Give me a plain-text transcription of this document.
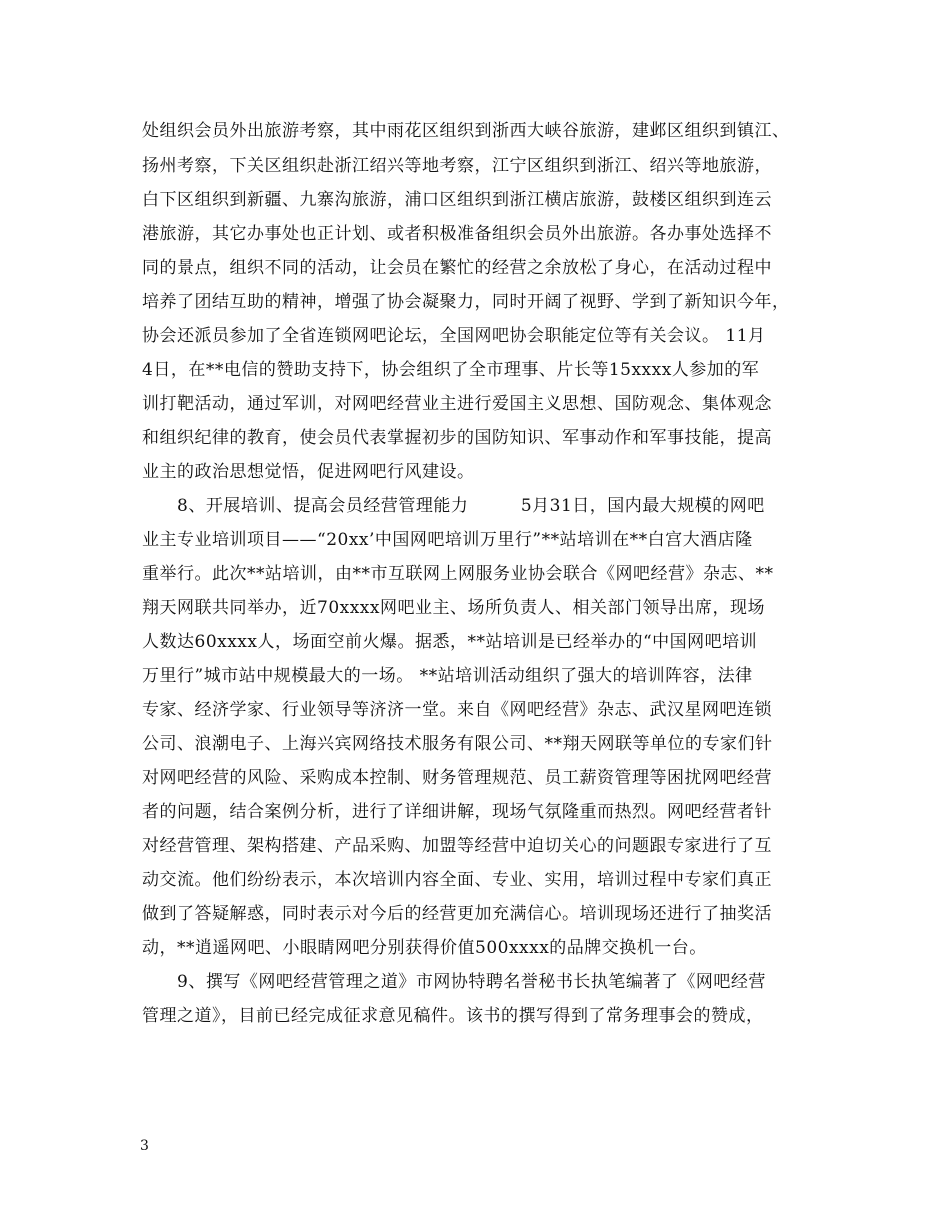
处组织会员外出旅游考察，其中雨花区组织到浙西大峡谷旅游，建邺区组织到镇江、
扬州考察，下关区组织赴浙江绍兴等地考察，江宁区组织到浙江、绍兴等地旅游，
白下区组织到新疆、九寨沟旅游，浦口区组织到浙江横店旅游，鼓楼区组织到连云
港旅游，其它办事处也正计划、或者积极准备组织会员外出旅游。各办事处选择不
同的景点，组织不同的活动，让会员在繁忙的经营之余放松了身心，在活动过程中
培养了团结互助的精神，增强了协会凝聚力，同时开阔了视野、学到了新知识今年，
协会还派员参加了全省连锁网吧论坛，全国网吧协会职能定位等有关会议。 11月
4日，在**电信的赞助支持下，协会组织了全市理事、片长等15xxxx人参加的军
训打靶活动，通过军训，对网吧经营业主进行爱国主义思想、国防观念、集体观念
和组织纪律的教育，使会员代表掌握初步的国防知识、军事动作和军事技能，提高
业主的政治思想觉悟，促进网吧行风建设。
　　8、开展培训、提高会员经营管理能力　　　5月31日，国内最大规模的网吧
业主专业培训项目——“20xx’中国网吧培训万里行”**站培训在**白宫大酒店隆
重举行。此次**站培训，由**市互联网上网服务业协会联合《网吧经营》杂志、**
翔天网联共同举办，近70xxxx网吧业主、场所负责人、相关部门领导出席，现场
人数达60xxxx人，场面空前火爆。据悉，**站培训是已经举办的“中国网吧培训
万里行”城市站中规模最大的一场。 **站培训活动组织了强大的培训阵容，法律
专家、经济学家、行业领导等济济一堂。来自《网吧经营》杂志、武汉星网吧连锁
公司、浪潮电子、上海兴宾网络技术服务有限公司、**翔天网联等单位的专家们针
对网吧经营的风险、采购成本控制、财务管理规范、员工薪资管理等困扰网吧经营
者的问题，结合案例分析，进行了详细讲解，现场气氛隆重而热烈。网吧经营者针
对经营管理、架构搭建、产品采购、加盟等经营中迫切关心的问题跟专家进行了互
动交流。他们纷纷表示，本次培训内容全面、专业、实用，培训过程中专家们真正
做到了答疑解惑，同时表示对今后的经营更加充满信心。培训现场还进行了抽奖活
动，**逍遥网吧、小眼睛网吧分别获得价值500xxxx的品牌交换机一台。
　　9、撰写《网吧经营管理之道》市网协特聘名誉秘书长执笔编著了《网吧经营
管理之道》，目前已经完成征求意见稿件。该书的撰写得到了常务理事会的赞成，
3
